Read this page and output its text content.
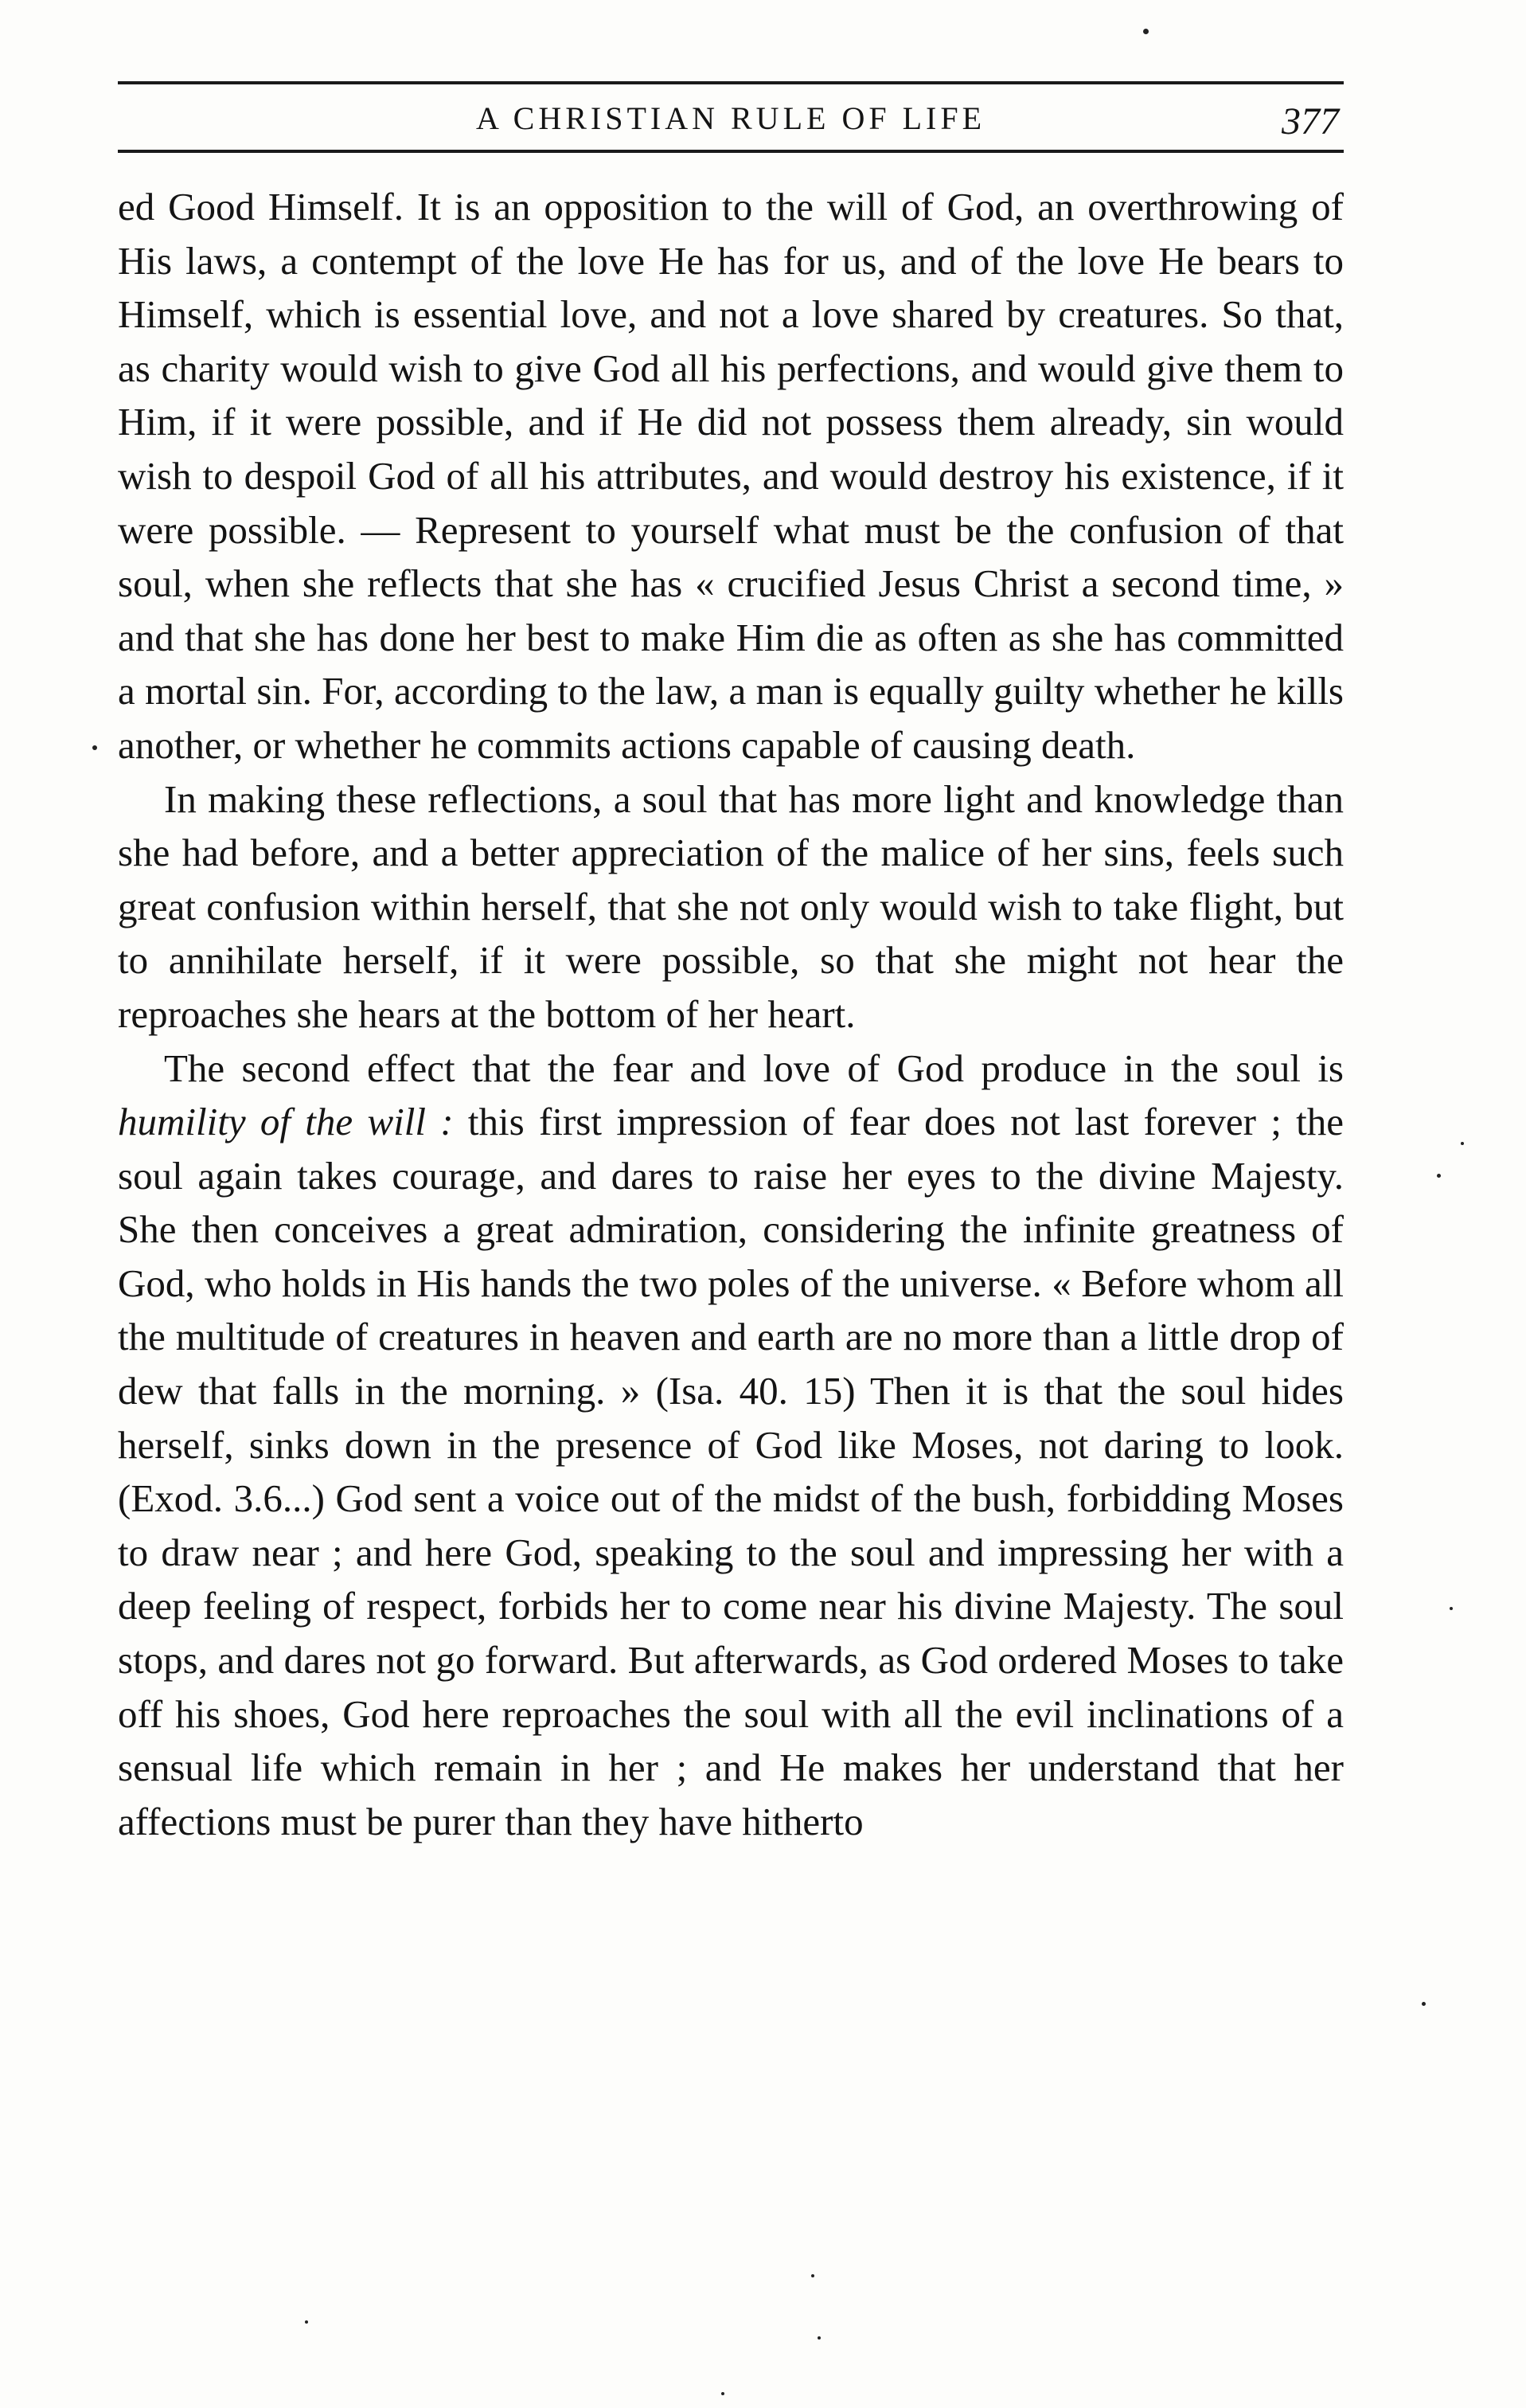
A CHRISTIAN RULE OF LIFE	377

ed Good Himself. It is an opposition to the will of God, an overthrowing of His laws, a contempt of the love He has for us, and of the love He bears to Himself, which is essential love, and not a love shared by creatures. So that, as charity would wish to give God all his perfections, and would give them to Him, if it were possible, and if He did not possess them already, sin would wish to despoil God of all his attributes, and would destroy his existence, if it were possible. — Represent to yourself what must be the confusion of that soul, when she reflects that she has « crucified Jesus Christ a second time, » and that she has done her best to make Him die as often as she has committed a mortal sin. For, according to the law, a man is equally guilty whether he kills another, or whether he commits actions capable of causing death.

In making these reflections, a soul that has more light and knowledge than she had before, and a better appreciation of the malice of her sins, feels such great confusion within herself, that she not only would wish to take flight, but to annihilate herself, if it were possible, so that she might not hear the reproaches she hears at the bottom of her heart.

The second effect that the fear and love of God produce in the soul is humility of the will : this first impression of fear does not last forever ; the soul again takes courage, and dares to raise her eyes to the divine Majesty. She then conceives a great admiration, considering the infinite greatness of God, who holds in His hands the two poles of the universe. « Before whom all the multitude of creatures in heaven and earth are no more than a little drop of dew that falls in the morning. » (Isa. 40. 15) Then it is that the soul hides herself, sinks down in the presence of God like Moses, not daring to look. (Exod. 3.6...) God sent a voice out of the midst of the bush, forbidding Moses to draw near ; and here God, speaking to the soul and impressing her with a deep feeling of respect, forbids her to come near his divine Majesty. The soul stops, and dares not go forward. But afterwards, as God ordered Moses to take off his shoes, God here reproaches the soul with all the evil inclinations of a sensual life which remain in her ; and He makes her understand that her affections must be purer than they have hitherto
